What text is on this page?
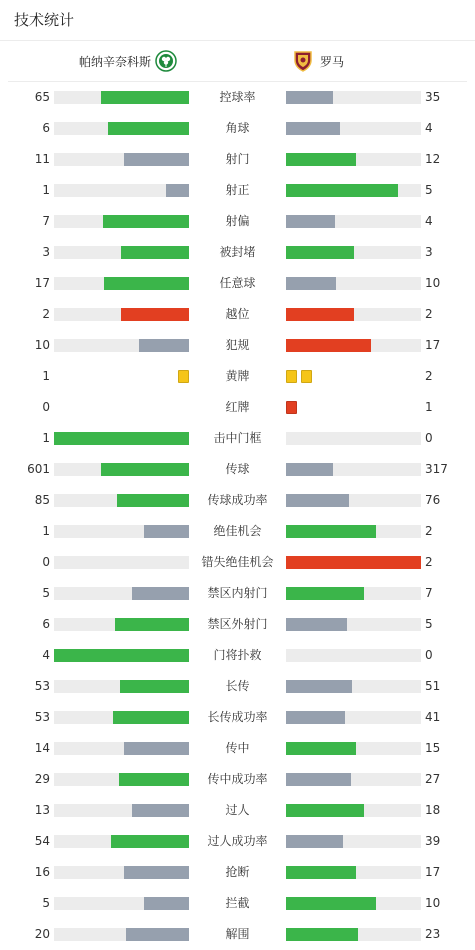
技术统计
帕纳辛奈科斯	罗马
65	控球率	35
6	角球	4
11	射门	12
1	射正	5
7	射偏	4
3	被封堵	3
17	任意球	10
2	越位	2
10	犯规	17
1	黄牌	2
0	红牌	1
1	击中门框	0
601	传球	317
85	传球成功率	76
1	绝佳机会	2
0	错失绝佳机会	2
5	禁区内射门	7
6	禁区外射门	5
4	门将扑救	0
53	长传	51
53	长传成功率	41
14	传中	15
29	传中成功率	27
13	过人	18
54	过人成功率	39
16	抢断	17
5	拦截	10
20	解围	23
